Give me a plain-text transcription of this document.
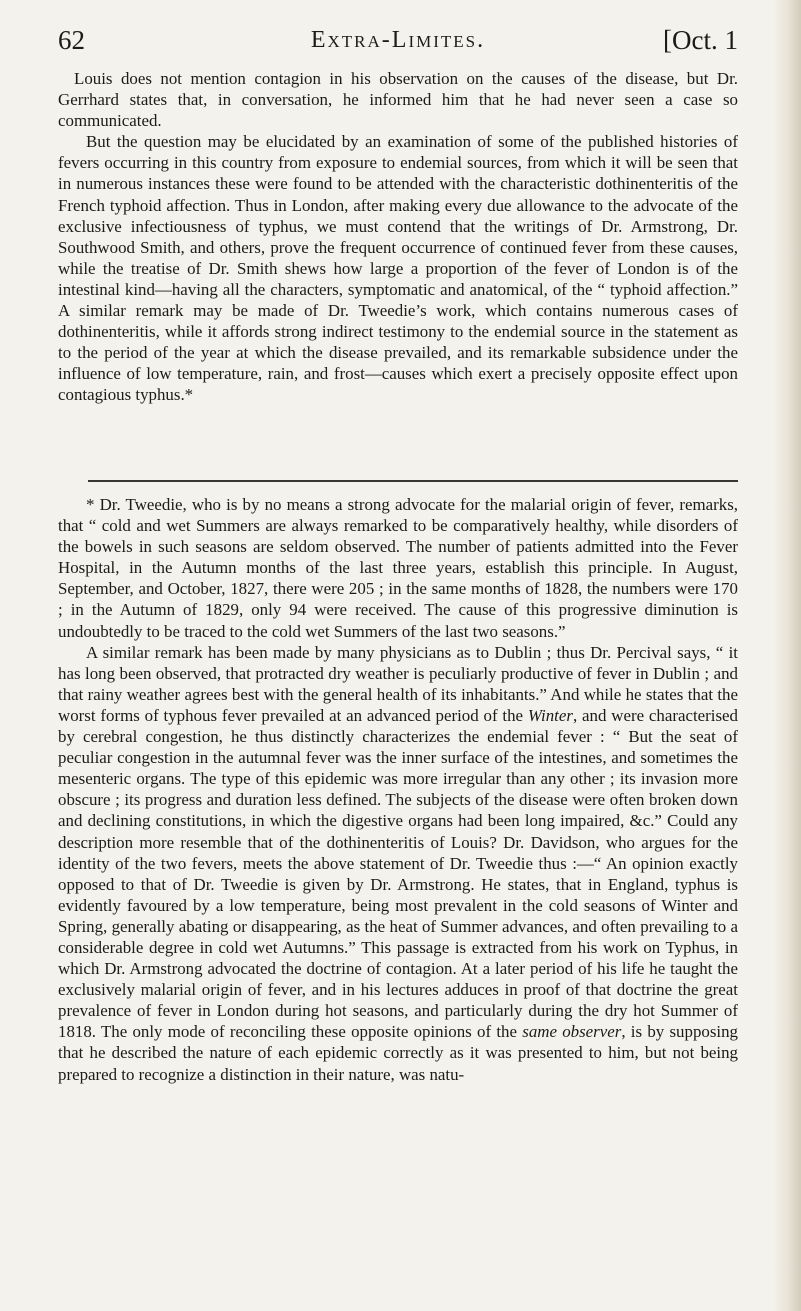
62	Extra-Limites.	[Oct. 1

Louis does not mention contagion in his observation on the causes of the disease, but Dr. Gerrhard states that, in conversation, he informed him that he had never seen a case so communicated.

But the question may be elucidated by an examination of some of the published histories of fevers occurring in this country from exposure to endemial sources, from which it will be seen that in numerous instances these were found to be attended with the characteristic dothinenteritis of the French typhoid affection. Thus in London, after making every due allowance to the advocate of the exclusive infectiousness of typhus, we must contend that the writings of Dr. Armstrong, Dr. Southwood Smith, and others, prove the frequent occurrence of continued fever from these causes, while the treatise of Dr. Smith shews how large a proportion of the fever of London is of the intestinal kind—having all the characters, symptomatic and anatomical, of the “ typhoid affection.” A similar remark may be made of Dr. Tweedie’s work, which contains numerous cases of dothinenteritis, while it affords strong indirect testimony to the endemial source in the statement as to the period of the year at which the disease prevailed, and its remarkable subsidence under the influence of low temperature, rain, and frost—causes which exert a precisely opposite effect upon contagious typhus.*

* Dr. Tweedie, who is by no means a strong advocate for the malarial origin of fever, remarks, that “ cold and wet Summers are always remarked to be comparatively healthy, while disorders of the bowels in such seasons are seldom observed. The number of patients admitted into the Fever Hospital, in the Autumn months of the last three years, establish this principle. In August, September, and October, 1827, there were 205 ; in the same months of 1828, the numbers were 170 ; in the Autumn of 1829, only 94 were received. The cause of this progressive diminution is undoubtedly to be traced to the cold wet Summers of the last two seasons.”

A similar remark has been made by many physicians as to Dublin ; thus Dr. Percival says, “ it has long been observed, that protracted dry weather is peculiarly productive of fever in Dublin ; and that rainy weather agrees best with the general health of its inhabitants.” And while he states that the worst forms of typhous fever prevailed at an advanced period of the Winter, and were characterised by cerebral congestion, he thus distinctly characterizes the endemial fever : “ But the seat of peculiar congestion in the autumnal fever was the inner surface of the intestines, and sometimes the mesenteric organs. The type of this epidemic was more irregular than any other ; its invasion more obscure ; its progress and duration less defined. The subjects of the disease were often broken down and declining constitutions, in which the digestive organs had been long impaired, &c.” Could any description more resemble that of the dothinenteritis of Louis? Dr. Davidson, who argues for the identity of the two fevers, meets the above statement of Dr. Tweedie thus :—“ An opinion exactly opposed to that of Dr. Tweedie is given by Dr. Armstrong. He states, that in England, typhus is evidently favoured by a low temperature, being most prevalent in the cold seasons of Winter and Spring, generally abating or disappearing, as the heat of Summer advances, and often prevailing to a considerable degree in cold wet Autumns.” This passage is extracted from his work on Typhus, in which Dr. Armstrong advocated the doctrine of contagion. At a later period of his life he taught the exclusively malarial origin of fever, and in his lectures adduces in proof of that doctrine the great prevalence of fever in London during hot seasons, and particularly during the dry hot Summer of 1818. The only mode of reconciling these opposite opinions of the same observer, is by supposing that he described the nature of each epidemic correctly as it was presented to him, but not being prepared to recognize a distinction in their nature, was natu-
